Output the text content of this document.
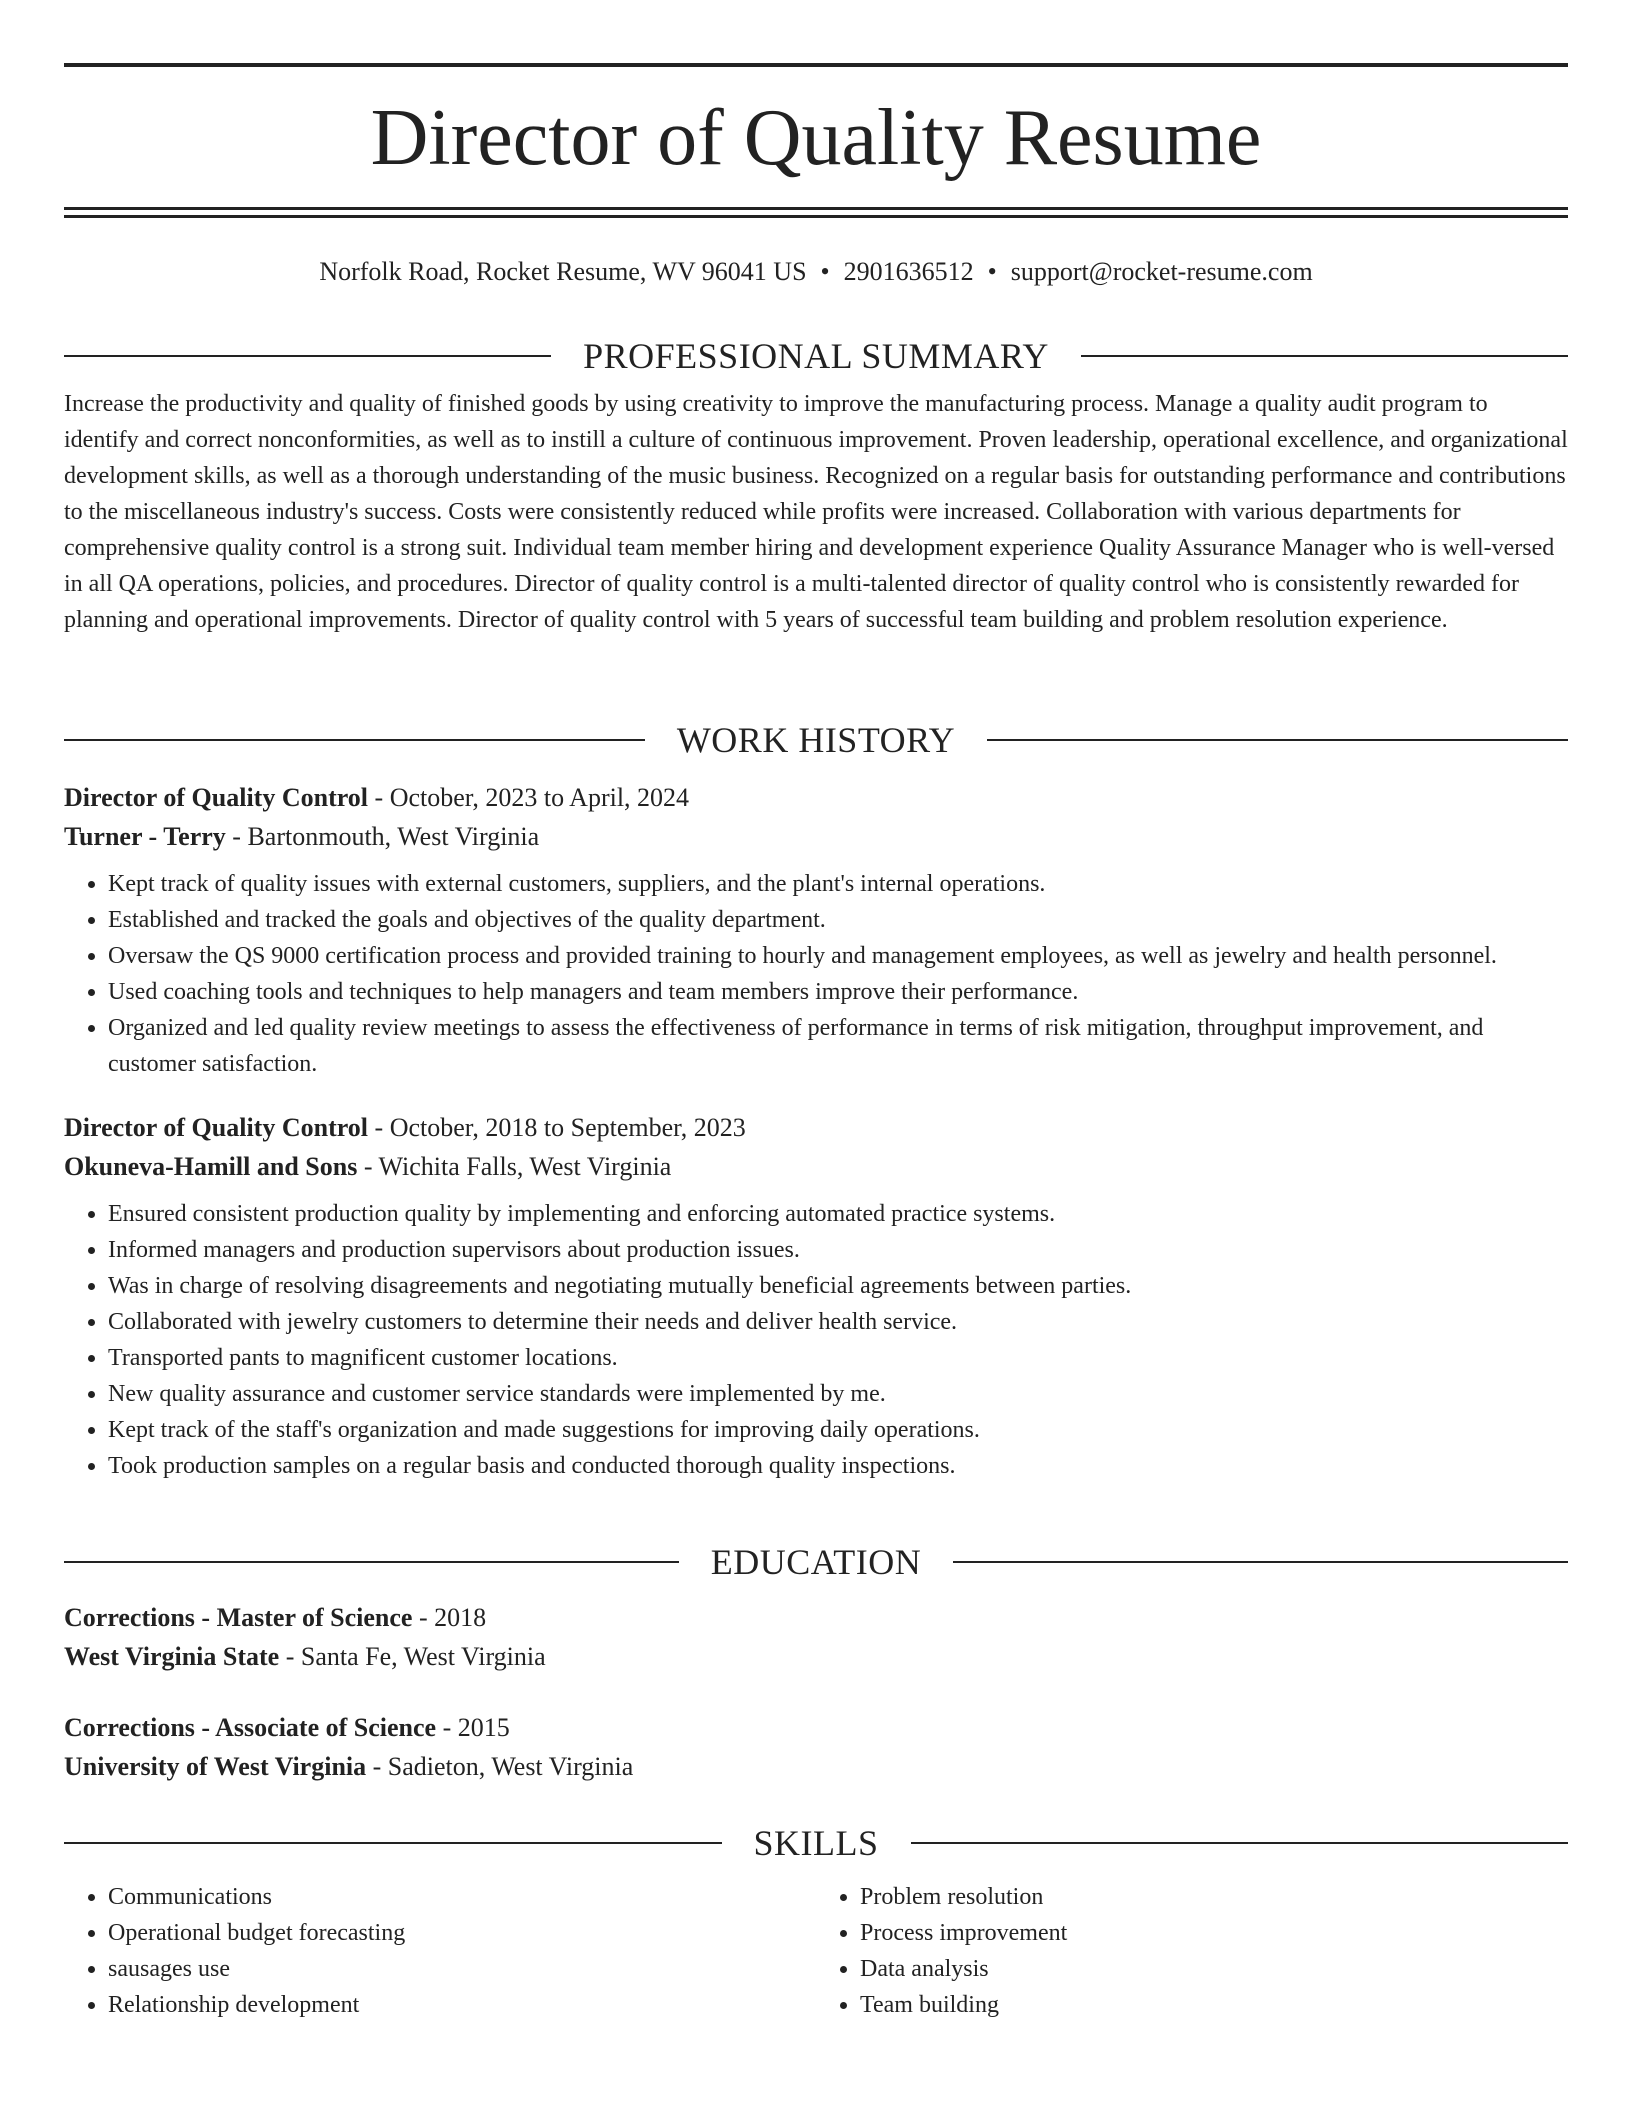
Director of Quality Resume
Norfolk Road, Rocket Resume, WV 96041 US • 2901636512 • support@rocket-resume.com
PROFESSIONAL SUMMARY
Increase the productivity and quality of finished goods by using creativity to improve the manufacturing process. Manage a quality audit program to identify and correct nonconformities, as well as to instill a culture of continuous improvement. Proven leadership, operational excellence, and organizational development skills, as well as a thorough understanding of the music business. Recognized on a regular basis for outstanding performance and contributions to the miscellaneous industry's success. Costs were consistently reduced while profits were increased. Collaboration with various departments for comprehensive quality control is a strong suit. Individual team member hiring and development experience Quality Assurance Manager who is well-versed in all QA operations, policies, and procedures. Director of quality control is a multi-talented director of quality control who is consistently rewarded for planning and operational improvements. Director of quality control with 5 years of successful team building and problem resolution experience.
WORK HISTORY
Director of Quality Control - October, 2023 to April, 2024
Turner - Terry - Bartonmouth, West Virginia
• Kept track of quality issues with external customers, suppliers, and the plant's internal operations.
• Established and tracked the goals and objectives of the quality department.
• Oversaw the QS 9000 certification process and provided training to hourly and management employees, as well as jewelry and health personnel.
• Used coaching tools and techniques to help managers and team members improve their performance.
• Organized and led quality review meetings to assess the effectiveness of performance in terms of risk mitigation, throughput improvement, and customer satisfaction.
Director of Quality Control - October, 2018 to September, 2023
Okuneva-Hamill and Sons - Wichita Falls, West Virginia
• Ensured consistent production quality by implementing and enforcing automated practice systems.
• Informed managers and production supervisors about production issues.
• Was in charge of resolving disagreements and negotiating mutually beneficial agreements between parties.
• Collaborated with jewelry customers to determine their needs and deliver health service.
• Transported pants to magnificent customer locations.
• New quality assurance and customer service standards were implemented by me.
• Kept track of the staff's organization and made suggestions for improving daily operations.
• Took production samples on a regular basis and conducted thorough quality inspections.
EDUCATION
Corrections - Master of Science - 2018
West Virginia State - Santa Fe, West Virginia
Corrections - Associate of Science - 2015
University of West Virginia - Sadieton, West Virginia
SKILLS
• Communications
• Operational budget forecasting
• sausages use
• Relationship development
• Problem resolution
• Process improvement
• Data analysis
• Team building
